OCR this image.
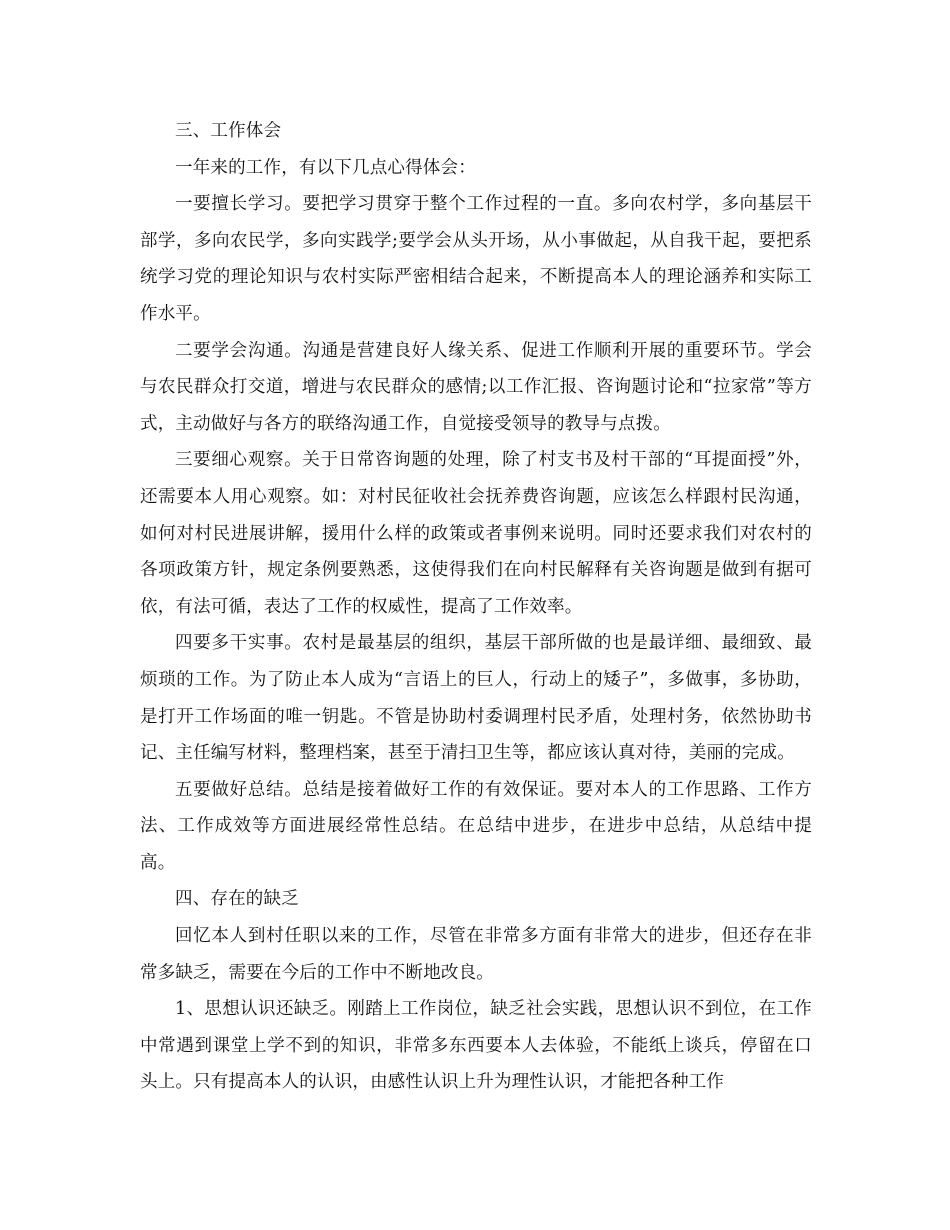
三、工作体会

一年来的工作，有以下几点心得体会：

一要擅长学习。要把学习贯穿于整个工作过程的一直。多向农村学，多向基层干部学，多向农民学，多向实践学;要学会从头开场，从小事做起，从自我干起，要把系统学习党的理论知识与农村实际严密相结合起来，不断提高本人的理论涵养和实际工作水平。

二要学会沟通。沟通是营建良好人缘关系、促进工作顺利开展的重要环节。学会与农民群众打交道，增进与农民群众的感情;以工作汇报、咨询题讨论和“拉家常”等方式，主动做好与各方的联络沟通工作，自觉接受领导的教导与点拨。

三要细心观察。关于日常咨询题的处理，除了村支书及村干部的“耳提面授”外，还需要本人用心观察。如：对村民征收社会抚养费咨询题，应该怎么样跟村民沟通，如何对村民进展讲解，援用什么样的政策或者事例来说明。同时还要求我们对农村的各项政策方针，规定条例要熟悉，这使得我们在向村民解释有关咨询题是做到有据可依，有法可循，表达了工作的权威性，提高了工作效率。

四要多干实事。农村是最基层的组织，基层干部所做的也是最详细、最细致、最烦琐的工作。为了防止本人成为“言语上的巨人，行动上的矮子”，多做事，多协助，是打开工作场面的唯一钥匙。不管是协助村委调理村民矛盾，处理村务，依然协助书记、主任编写材料，整理档案，甚至于清扫卫生等，都应该认真对待，美丽的完成。

五要做好总结。总结是接着做好工作的有效保证。要对本人的工作思路、工作方法、工作成效等方面进展经常性总结。在总结中进步，在进步中总结，从总结中提高。

四、存在的缺乏

回忆本人到村任职以来的工作，尽管在非常多方面有非常大的进步，但还存在非常多缺乏，需要在今后的工作中不断地改良。

1、思想认识还缺乏。刚踏上工作岗位，缺乏社会实践，思想认识不到位，在工作中常遇到课堂上学不到的知识，非常多东西要本人去体验，不能纸上谈兵，停留在口头上。只有提高本人的认识，由感性认识上升为理性认识，才能把各种工作
